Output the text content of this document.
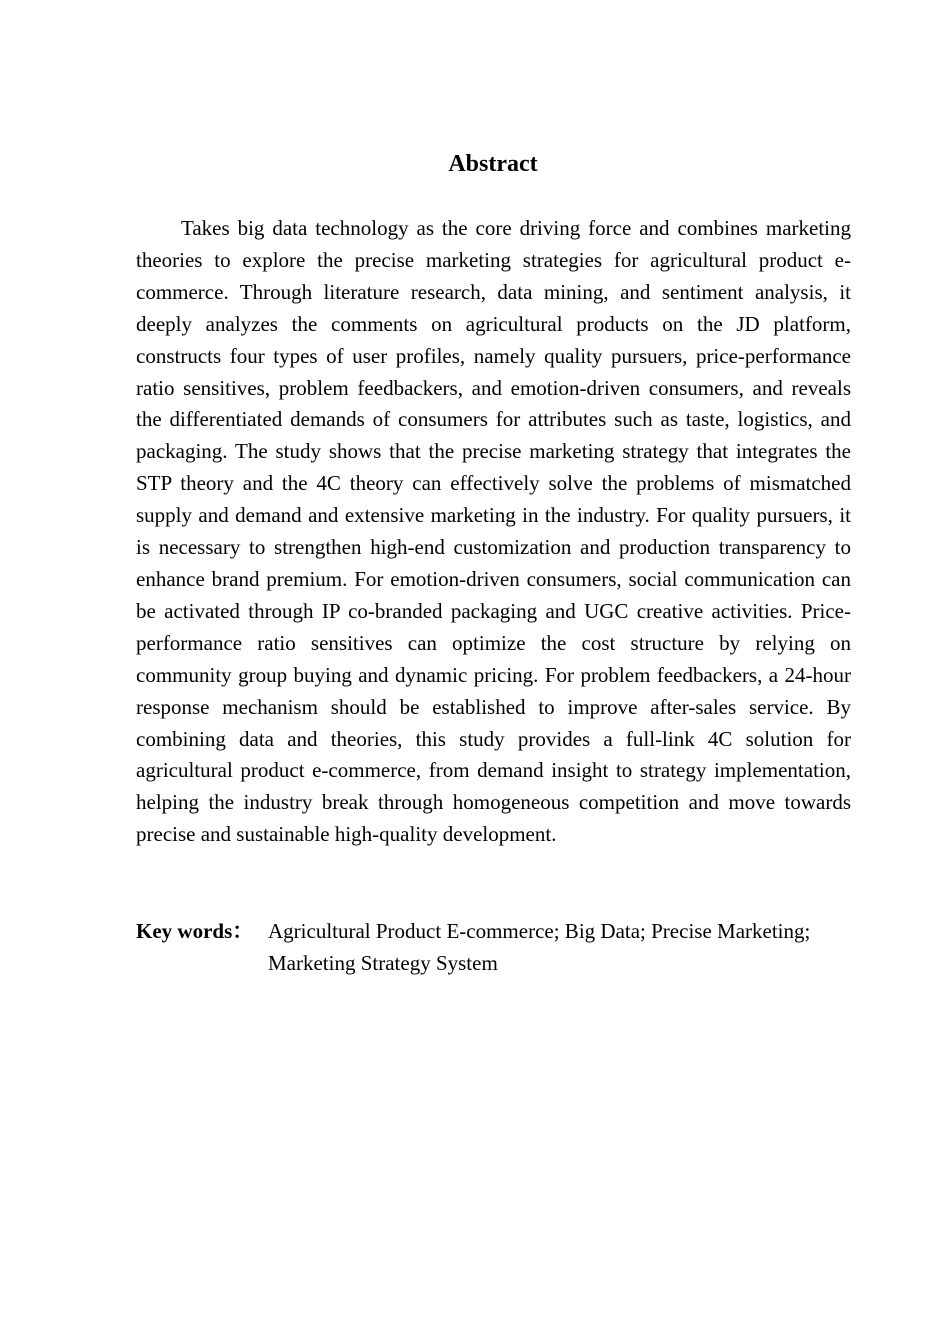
Abstract

Takes big data technology as the core driving force and combines marketing theories to explore the precise marketing strategies for agricultural product e-commerce. Through literature research, data mining, and sentiment analysis, it deeply analyzes the comments on agricultural products on the JD platform, constructs four types of user profiles, namely quality pursuers, price-performance ratio sensitives, problem feedbackers, and emotion-driven consumers, and reveals the differentiated demands of consumers for attributes such as taste, logistics, and packaging. The study shows that the precise marketing strategy that integrates the STP theory and the 4C theory can effectively solve the problems of mismatched supply and demand and extensive marketing in the industry. For quality pursuers, it is necessary to strengthen high-end customization and production transparency to enhance brand premium. For emotion-driven consumers, social communication can be activated through IP co-branded packaging and UGC creative activities. Price-performance ratio sensitives can optimize the cost structure by relying on community group buying and dynamic pricing. For problem feedbackers, a 24-hour response mechanism should be established to improve after-sales service. By combining data and theories, this study provides a full-link 4C solution for agricultural product e-commerce, from demand insight to strategy implementation, helping the industry break through homogeneous competition and move towards precise and sustainable high-quality development.

Key words： Agricultural Product E-commerce; Big Data; Precise Marketing; Marketing Strategy System
